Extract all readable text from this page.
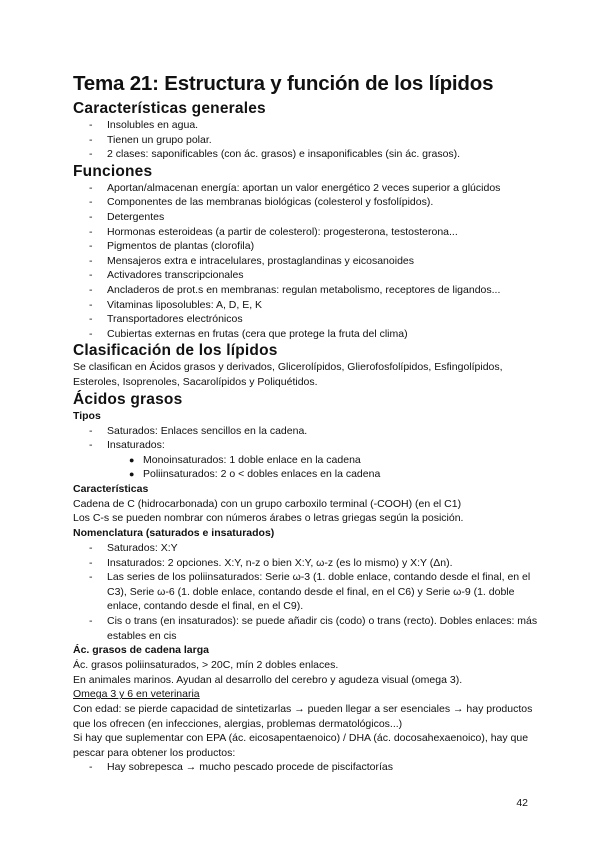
Tema 21: Estructura y función de los lípidos
Características generales
- Insolubles en agua.
- Tienen un grupo polar.
- 2 clases: saponificables (con ác. grasos) e insaponificables (sin ác. grasos).
Funciones
- Aportan/almacenan energía: aportan un valor energético 2 veces superior a glúcidos
- Componentes de las membranas biológicas (colesterol y fosfolípidos).
- Detergentes
- Hormonas esteroideas (a partir de colesterol): progesterona, testosterona...
- Pigmentos de plantas (clorofila)
- Mensajeros extra e intracelulares, prostaglandinas y eicosanoides
- Activadores transcripcionales
- Ancladeros de prot.s en membranas: regulan metabolismo, receptores de ligandos...
- Vitaminas liposolubles: A, D, E, K
- Transportadores electrónicos
- Cubiertas externas en frutas (cera que protege la fruta del clima)
Clasificación de los lípidos

Se clasifican en Ácidos grasos y derivados, Glicerolípidos, Glierofosfolípidos, Esfingolípidos, Esteroles, Isoprenoles, Sacarolípidos y Poliquétidos.

Ácidos grasos
Tipos
- Saturados: Enlaces sencillos en la cadena.
- Insaturados:
● Monoinsaturados: 1 doble enlace en la cadena
● Poliinsaturados: 2 o < dobles enlaces en la cadena
Características

Cadena de C (hidrocarbonada) con un grupo carboxilo terminal (-COOH) (en el C1)

Los C-s se pueden nombrar con números árabes o letras griegas según la posición.

Nomenclatura (saturados e insaturados)
- Saturados: X:Y
- Insaturados: 2 opciones. X:Y, n-z o bien X:Y, ω-z (es lo mismo) y X:Y (Δn).
- Las series de los poliinsaturados: Serie ω-3 (1. doble enlace, contando desde el final, en el C3), Serie ω-6 (1. doble enlace, contando desde el final, en el C6) y Serie ω-9 (1. doble enlace, contando desde el final, en el C9).
- Cis o trans (en insaturados): se puede añadir cis (codo) o trans (recto). Dobles enlaces: más estables en cis
Ác. grasos de cadena larga

Ác. grasos poliinsaturados, > 20C, mín 2 dobles enlaces.

En animales marinos. Ayudan al desarrollo del cerebro y agudeza visual (omega 3).

Omega 3 y 6 en veterinaria

Con edad: se pierde capacidad de sintetizarlas → pueden llegar a ser esenciales → hay productos que los ofrecen (en infecciones, alergias, problemas dermatológicos...)

Si hay que suplementar con EPA (ác. eicosapentaenoico) / DHA (ác. docosahexaenoico), hay que pescar para obtener los productos:

- Hay sobrepesca → mucho pescado procede de piscifactorías
42
